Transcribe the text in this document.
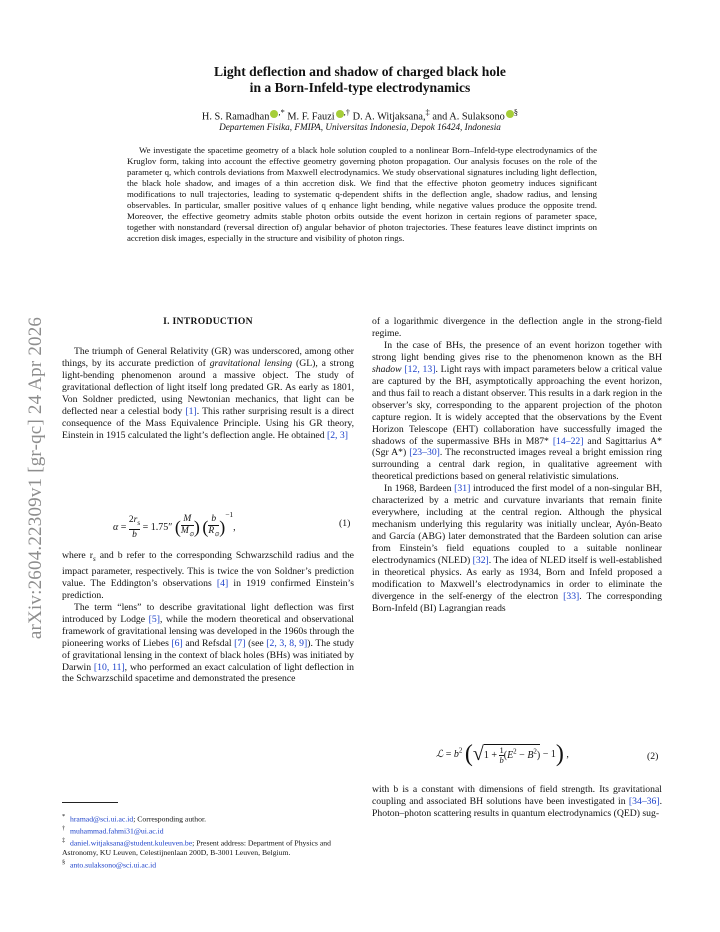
arXiv:2604.22309v1 [gr-qc] 24 Apr 2026
Light deflection and shadow of charged black hole
in a Born-Infeld-type electrodynamics
H. S. Ramadhan ,* M. F. Fauzi ,† D. A. Witjaksana,‡ and A. Sulaksono §
Departemen Fisika, FMIPA, Universitas Indonesia, Depok 16424, Indonesia

We investigate the spacetime geometry of a black hole solution coupled to a nonlinear Born–Infeld-type electrodynamics of the Kruglov form, taking into account the effective geometry governing photon propagation. Our analysis focuses on the role of the parameter q, which controls deviations from Maxwell electrodynamics. We study observational signatures including light deflection, the black hole shadow, and images of a thin accretion disk. We find that the effective photon geometry induces significant modifications to null trajectories, leading to systematic q-dependent shifts in the deflection angle, shadow radius, and lensing observables. In particular, smaller positive values of q enhance light bending, while negative values produce the opposite trend. Moreover, the effective geometry admits stable photon orbits outside the event horizon in certain regions of parameter space, together with nonstandard (reversal direction of) angular behavior of photon trajectories. These features leave distinct imprints on accretion disk images, especially in the structure and visibility of photon rings.

I. INTRODUCTION

The triumph of General Relativity (GR) was underscored, among other things, by its accurate prediction of gravitational lensing (GL), a strong light-bending phenomenon around a massive object. The study of gravitational deflection of light itself long predated GR. As early as 1801, Von Soldner predicted, using Newtonian mechanics, that light can be deflected near a celestial body [1]. This rather surprising result is a direct consequence of the Mass Equivalence Principle. Using his GR theory, Einstein in 1915 calculated the light’s deflection angle. He obtained [2, 3]

$\alpha = \frac{2r_s}{b} = 1.75''$ ( $\frac{M}{M_⊙}$ ) ( $\frac{b}{R_⊙} )^{-1}$,	(1)

where $r_s$ and b refer to the corresponding Schwarzschild radius and the impact parameter, respectively. This is twice the von Soldner’s prediction value. The Eddington’s observations [4] in 1919 confirmed Einstein’s prediction.

The term “lens” to describe gravitational light deflection was first introduced by Lodge [5], while the modern theoretical and observational framework of gravitational lensing was developed in the 1960s through the pioneering works of Liebes [6] and Refsdal [7] (see [2, 3, 8, 9]). The study of gravitational lensing in the context of black holes (BHs) was initiated by Darwin [10, 11], who performed an exact calculation of light deflection in the Schwarzschild spacetime and demonstrated the presence

* hramad@sci.ui.ac.id; Corresponding author.
† muhammad.fahmi31@ui.ac.id
‡ daniel.witjaksana@student.kuleuven.be; Present address: Department of Physics and Astronomy, KU Leuven, Celestijnenlaan 200D, B-3001 Leuven, Belgium.
§ anto.sulaksono@sci.ui.ac.id

of a logarithmic divergence in the deflection angle in the strong-field regime.

In the case of BHs, the presence of an event horizon together with strong light bending gives rise to the phenomenon known as the BH shadow [12, 13]. Light rays with impact parameters below a critical value are captured by the BH, asymptotically approaching the event horizon, and thus fail to reach a distant observer. This results in a dark region in the observer’s sky, corresponding to the apparent projection of the photon capture region. It is widely accepted that the observations by the Event Horizon Telescope (EHT) collaboration have successfully imaged the shadows of the supermassive BHs in M87* [14–22] and Sagittarius A* (Sgr A*) [23–30]. The reconstructed images reveal a bright emission ring surrounding a central dark region, in qualitative agreement with theoretical predictions based on general relativistic simulations.

In 1968, Bardeen [31] introduced the first model of a non-singular BH, characterized by a metric and curvature invariants that remain finite everywhere, including at the central region. Although the physical mechanism underlying this regularity was initially unclear, Ayón-Beato and García (ABG) later demonstrated that the Bardeen solution can arise from Einstein’s field equations coupled to a suitable nonlinear electrodynamics (NLED) [32]. The idea of NLED itself is well-established in theoretical physics. As early as 1934, Born and Infeld proposed a modification to Maxwell’s electrodynamics in order to eliminate the divergence in the self-energy of the electron [33]. The corresponding Born-Infeld (BI) Lagrangian reads

ℒ = $b^2$ $(√1 + \frac{1}{b} (E^2 - B^2) - 1)$ ,	(2)

with b is a constant with dimensions of field strength. Its gravitational coupling and associated BH solutions have been investigated in [34–36]. Photon–photon scattering results in quantum electrodynamics (QED) sug-
